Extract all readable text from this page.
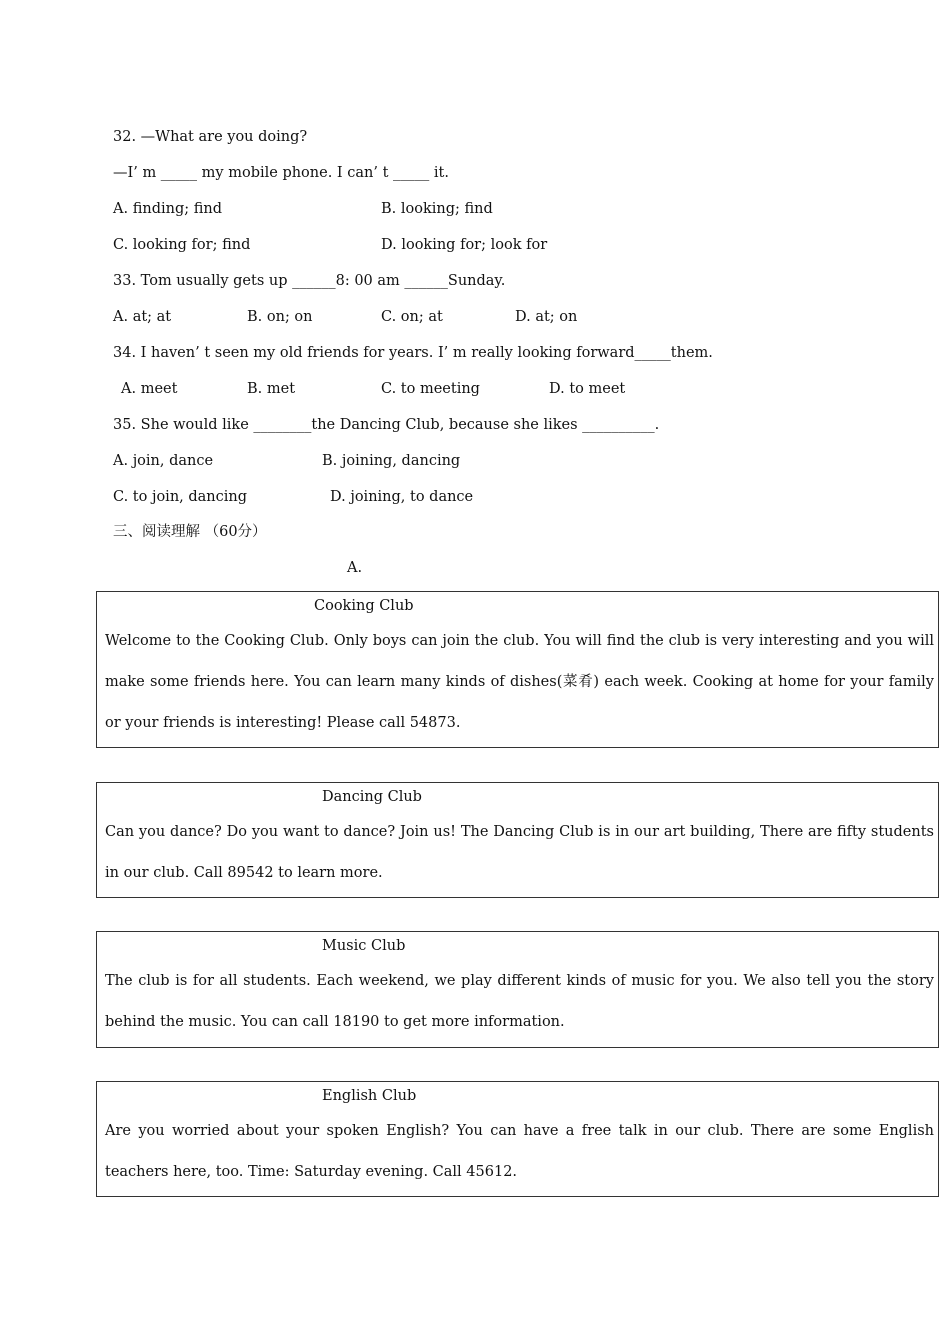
32. —What are you doing?
—I’ m _____ my mobile phone. I can’ t _____ it.
A. finding; find	B. looking; find
C. looking for; find	D. looking for; look for
33. Tom usually gets up ______8: 00 am ______Sunday.
A. at; at	B. on; on	C. on; at	D. at; on
34. I haven’ t seen my old friends for years. I’ m really looking forward_____them.
A. meet	B. met	C. to meeting	D. to meet
35. She would like ________the Dancing Club, because she likes __________.
A. join, dance	B. joining, dancing
C. to join, dancing	D. joining, to dance
三、阅读理解 （60分）
A.
Cooking Club
Welcome to the Cooking Club. Only boys can join the club. You will find the club is very interesting and you will make some friends here. You can learn many kinds of dishes(菜肴) each week. Cooking at home for your family or your friends is interesting! Please call 54873.
Dancing Club
Can you dance? Do you want to dance? Join us! The Dancing Club is in our art building, There are fifty students in our club. Call 89542 to learn more.
Music Club
The club is for all students. Each weekend, we play different kinds of music for you. We also tell you the story behind the music. You can call 18190 to get more information.
English Club
Are you worried about your spoken English? You can have a free talk in our club. There are some English teachers here, too. Time: Saturday evening. Call 45612.
